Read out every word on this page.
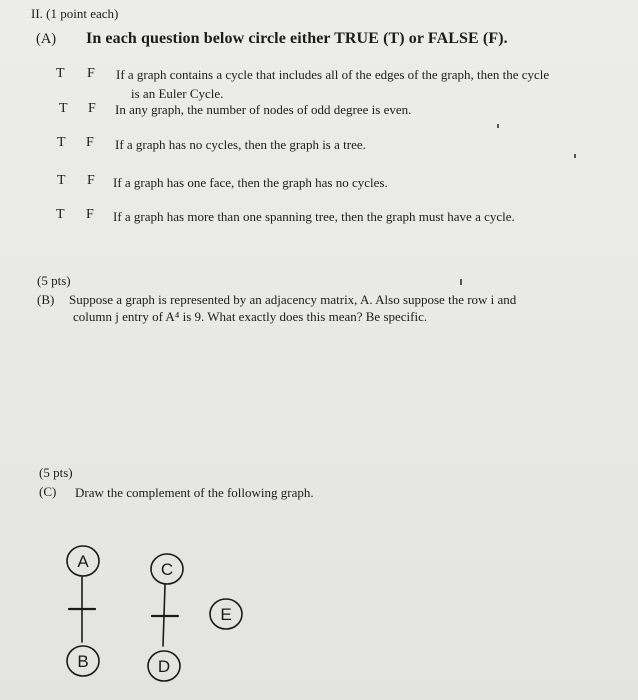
II. (1 point each)
(A) In each question below circle either TRUE (T) or FALSE (F).
T F If a graph contains a cycle that includes all of the edges of the graph, then the cycle
is an Euler Cycle.
T F In any graph, the number of nodes of odd degree is even.
T F If a graph has no cycles, then the graph is a tree.
T F If a graph has one face, then the graph has no cycles.
T F If a graph has more than one spanning tree, then the graph must have a cycle.
(5 pts)
(B) Suppose a graph is represented by an adjacency matrix, A. Also suppose the row i and
column j entry of A⁴ is 9. What exactly does this mean? Be specific.
(5 pts)
(C) Draw the complement of the following graph.
A	C
E
B	D
